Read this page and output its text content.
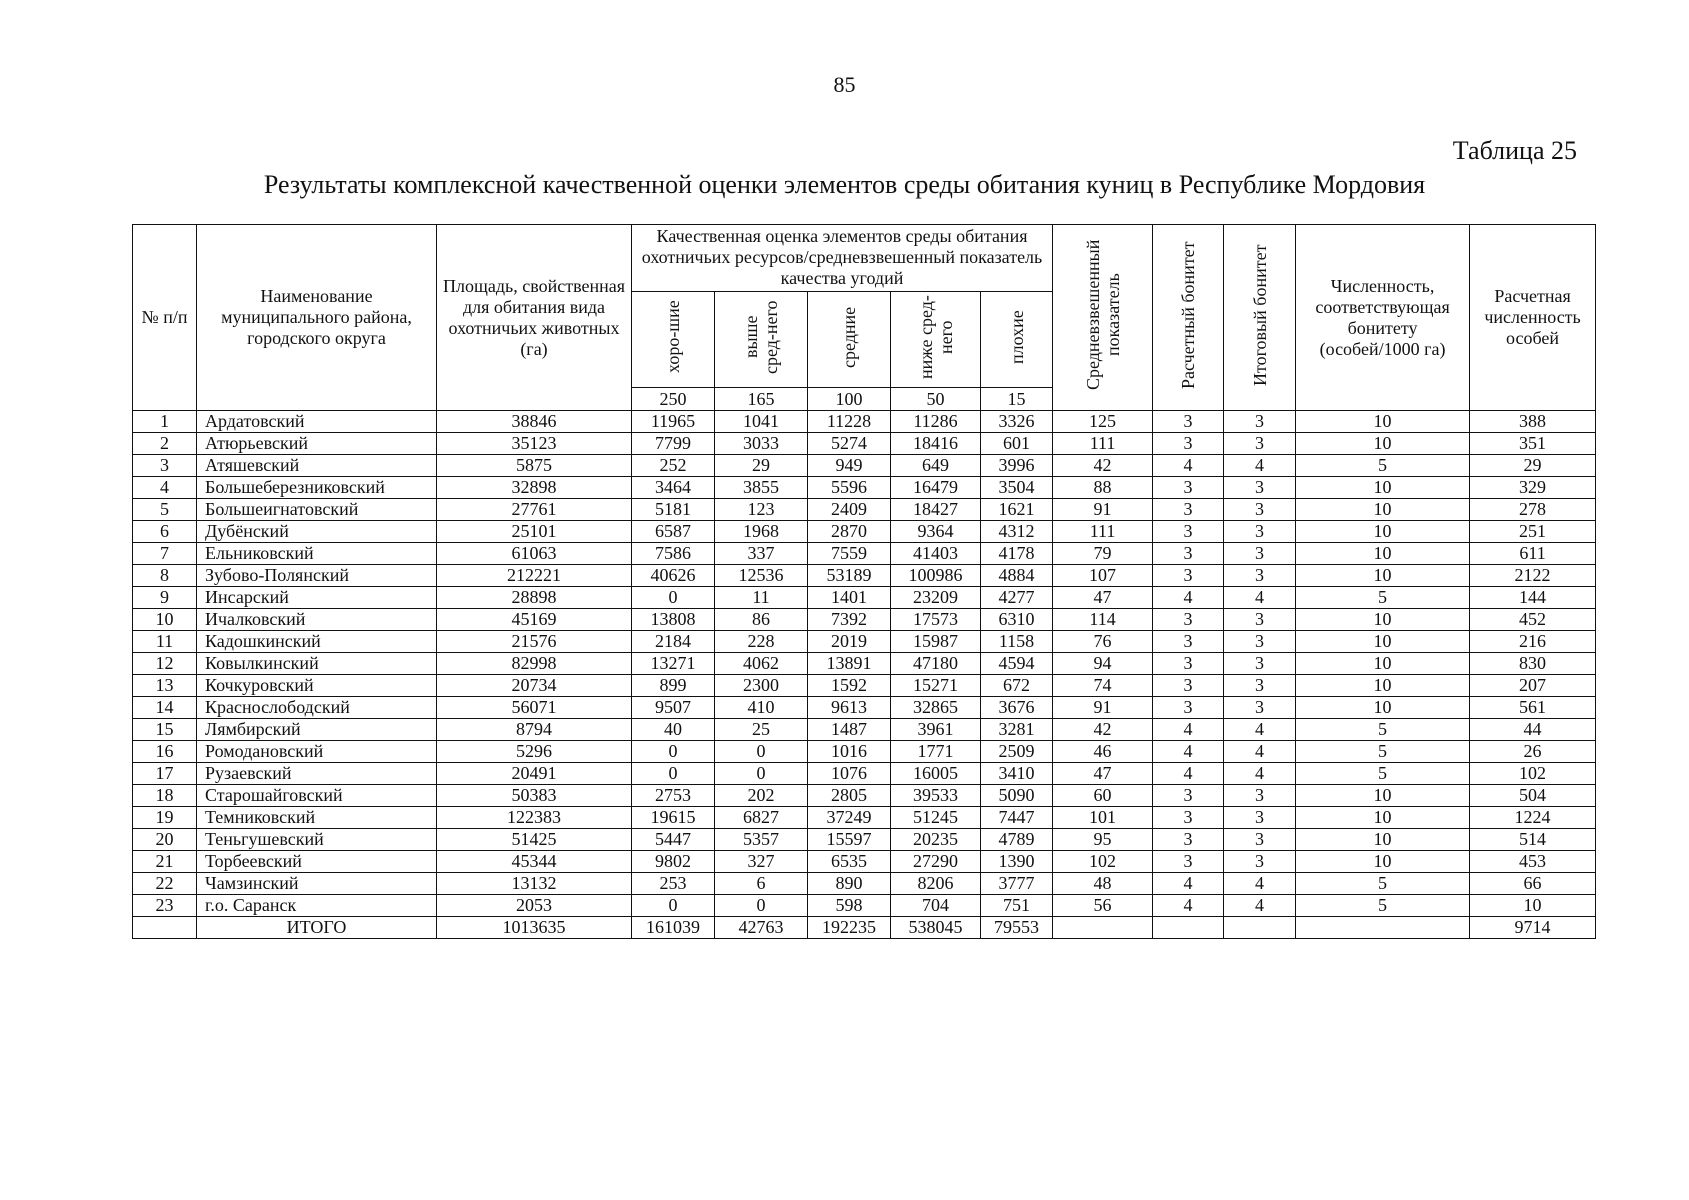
85
Таблица 25
Результаты комплексной качественной оценки элементов среды обитания куниц в Республике Мордовия
№ п/п	Наименование муниципального района, городского округа	Площадь, свойственная для обитания вида охотничьих животных (га)	Качественная оценка элементов среды обитания охотничьих ресурсов/средневзвешенный показатель качества угодий					Средневзвешенный показатель	Расчетный бонитет	Итоговый бонитет	Численность, соответствующая бонитету (особей/1000 га)	Расчетная численность особей
			хоро-шие	выше сред-него	средние	ниже сред-него	плохие					
			250	165	100	50	15					
1	Ардатовский	38846	11965	1041	11228	11286	3326	125	3	3	10	388
2	Атюрьевский	35123	7799	3033	5274	18416	601	111	3	3	10	351
3	Атяшевский	5875	252	29	949	649	3996	42	4	4	5	29
4	Большеберезниковский	32898	3464	3855	5596	16479	3504	88	3	3	10	329
5	Большеигнатовский	27761	5181	123	2409	18427	1621	91	3	3	10	278
6	Дубёнский	25101	6587	1968	2870	9364	4312	111	3	3	10	251
7	Ельниковский	61063	7586	337	7559	41403	4178	79	3	3	10	611
8	Зубово-Полянский	212221	40626	12536	53189	100986	4884	107	3	3	10	2122
9	Инсарский	28898	0	11	1401	23209	4277	47	4	4	5	144
10	Ичалковский	45169	13808	86	7392	17573	6310	114	3	3	10	452
11	Кадошкинский	21576	2184	228	2019	15987	1158	76	3	3	10	216
12	Ковылкинский	82998	13271	4062	13891	47180	4594	94	3	3	10	830
13	Кочкуровский	20734	899	2300	1592	15271	672	74	3	3	10	207
14	Краснослободский	56071	9507	410	9613	32865	3676	91	3	3	10	561
15	Лямбирский	8794	40	25	1487	3961	3281	42	4	4	5	44
16	Ромодановский	5296	0	0	1016	1771	2509	46	4	4	5	26
17	Рузаевский	20491	0	0	1076	16005	3410	47	4	4	5	102
18	Старошайговский	50383	2753	202	2805	39533	5090	60	3	3	10	504
19	Темниковский	122383	19615	6827	37249	51245	7447	101	3	3	10	1224
20	Теньгушевский	51425	5447	5357	15597	20235	4789	95	3	3	10	514
21	Торбеевский	45344	9802	327	6535	27290	1390	102	3	3	10	453
22	Чамзинский	13132	253	6	890	8206	3777	48	4	4	5	66
23	г.о. Саранск	2053	0	0	598	704	751	56	4	4	5	10
	ИТОГО	1013635	161039	42763	192235	538045	79553					9714
